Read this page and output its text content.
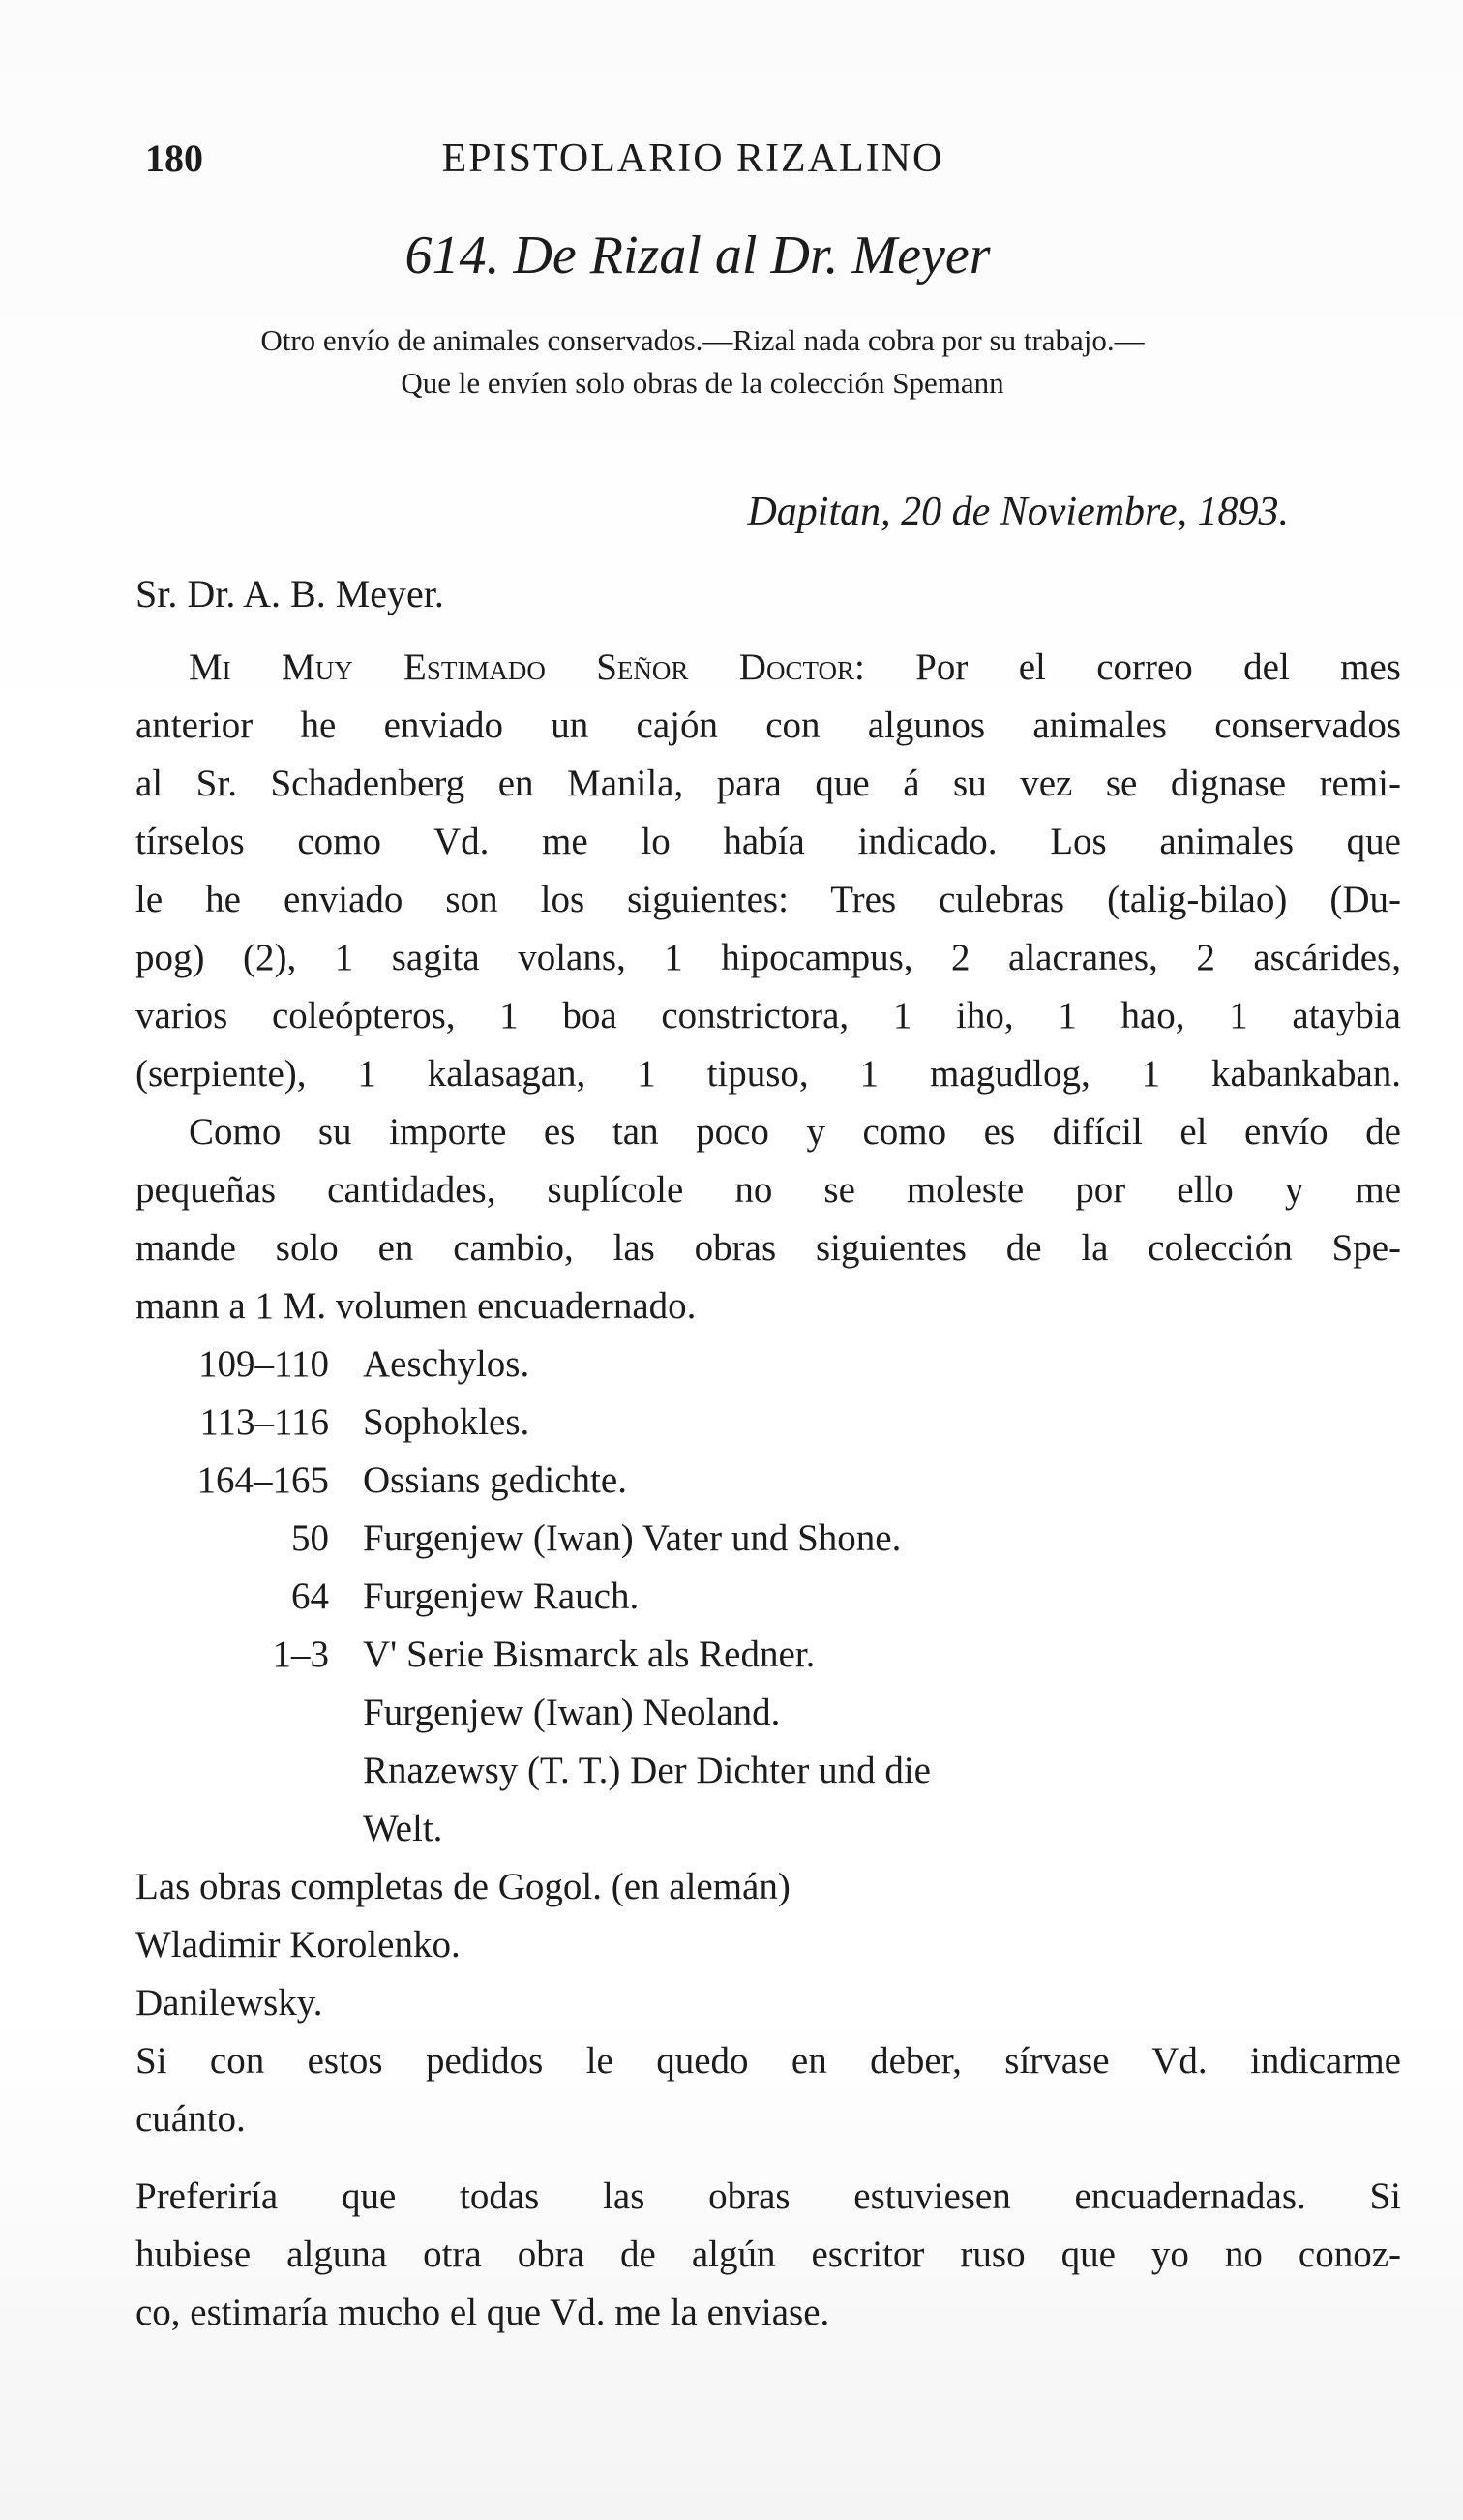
180	EPISTOLARIO RIZALINO
614. De Rizal al Dr. Meyer
Otro envío de animales conservados.—Rizal nada cobra por su trabajo.—
Que le envíen solo obras de la colección Spemann
Dapitan, 20 de Noviembre, 1893.
Sr. Dr. A. B. Meyer.
Mi Muy Estimado Señor Doctor: Por el correo del mes
anterior he enviado un cajón con algunos animales conservados
al Sr. Schadenberg en Manila, para que á su vez se dignase remi-
tírselos como Vd. me lo había indicado. Los animales que
le he enviado son los siguientes: Tres culebras (talig-bilao) (Du-
pog) (2), 1 sagita volans, 1 hipocampus, 2 alacranes, 2 ascárides,
varios coleópteros, 1 boa constrictora, 1 iho, 1 hao, 1 ataybia
(serpiente), 1 kalasagan, 1 tipuso, 1 magudlog, 1 kabankaban.
Como su importe es tan poco y como es difícil el envío de
pequeñas cantidades, suplícole no se moleste por ello y me
mande solo en cambio, las obras siguientes de la colección Spe-
mann a 1 M. volumen encuadernado.
109–110 Aeschylos.
113–116 Sophokles.
164–165 Ossians gedichte.
50 Furgenjew (Iwan) Vater und Shone.
64 Furgenjew Rauch.
1–3 V' Serie Bismarck als Redner.
Furgenjew (Iwan) Neoland.
Rnazewsy (T. T.) Der Dichter und die
Welt.
Las obras completas de Gogol. (en alemán)
Wladimir Korolenko.
Danilewsky.
Si con estos pedidos le quedo en deber, sírvase Vd. indicarme
cuánto.
Preferiría que todas las obras estuviesen encuadernadas. Si
hubiese alguna otra obra de algún escritor ruso que yo no conoz-
co, estimaría mucho el que Vd. me la enviase.
